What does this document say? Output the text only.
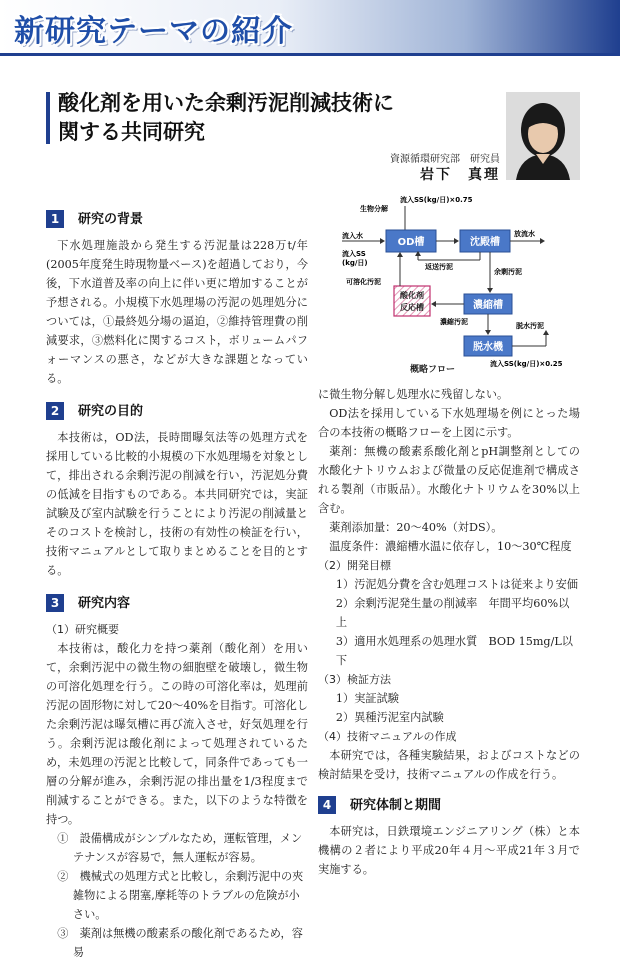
新研究テーマの紹介
酸化剤を用いた余剰汚泥削減技術に
関する共同研究
資源循環研究部　研究員
岩下　真理
流入SS(kg/日)×0.75
生物分解
流入水
流入SS
(kg/日)
OD槽	沈殿槽
放流水
返送汚泥
余剰汚泥
濃縮槽
酸化剤
反応槽
可溶化汚泥
濃縮汚泥
脱水機
脱水汚泥
流入SS(kg/日)×0.25
概略フロー
1	研究の背景

下水処理施設から発生する汚泥量は228万t/年(2005年度発生時現物量ベース)を超過しており，今後，下水道普及率の向上に伴い更に増加することが予想される。小規模下水処理場の汚泥の処理処分については，①最終処分場の逼迫，②維持管理費の削減要求，③燃料化に関するコスト，ボリュームパフォーマンスの悪さ，などが大きな課題となっている。

2	研究の目的

本技術は，OD法，長時間曝気法等の処理方式を採用している比較的小規模の下水処理場を対象として，排出される余剰汚泥の削減を行い，汚泥処分費の低減を目指すものである。本共同研究では，実証試験及び室内試験を行うことにより汚泥の削減量とそのコストを検討し，技術の有効性の検証を行い，技術マニュアルとして取りまとめることを目的とする。

3	研究内容
（1）研究概要

本技術は，酸化力を持つ薬剤（酸化剤）を用いて，余剰汚泥中の微生物の細胞壁を破壊し，微生物の可溶化処理を行う。この時の可溶化率は，処理前汚泥の固形物に対して20〜40%を目指す。可溶化した余剰汚泥は曝気槽に再び流入させ，好気処理を行う。余剰汚泥は酸化剤によって処理されているため，未処理の汚泥と比較して，同条件であっても一層の分解が進み，余剰汚泥の排出量を1/3程度まで削減することができる。また，以下のような特徴を持つ。

①　設備構成がシンプルなため，運転管理，メンテナンスが容易で，無人運転が容易。

②　機械式の処理方式と比較し，余剰汚泥中の夾雑物による閉塞,摩耗等のトラブルの危険が小さい。

③　薬剤は無機の酸素系の酸化剤であるため，容易

に微生物分解し処理水に残留しない。

OD法を採用している下水処理場を例にとった場合の本技術の概略フローを上図に示す。

薬剤：無機の酸素系酸化剤とpH調整剤としての水酸化ナトリウムおよび微量の反応促進剤で構成される製剤（市販品）。水酸化ナトリウムを30%以上含む。

薬剤添加量：20〜40%（対DS）。

温度条件：濃縮槽水温に依存し，10〜30℃程度

（2）開発目標

1）汚泥処分費を含む処理コストは従来より安価

2）余剰汚泥発生量の削減率　年間平均60%以上

3）適用水処理系の処理水質　BOD 15mg/L以下

（3）検証方法

1）実証試験

2）異種汚泥室内試験

（4）技術マニュアルの作成

本研究では，各種実験結果，およびコストなどの検討結果を受け，技術マニュアルの作成を行う。

4	研究体制と期間

本研究は，日鉄環境エンジニアリング（株）と本機構の２者により平成20年４月〜平成21年３月で実施する。
